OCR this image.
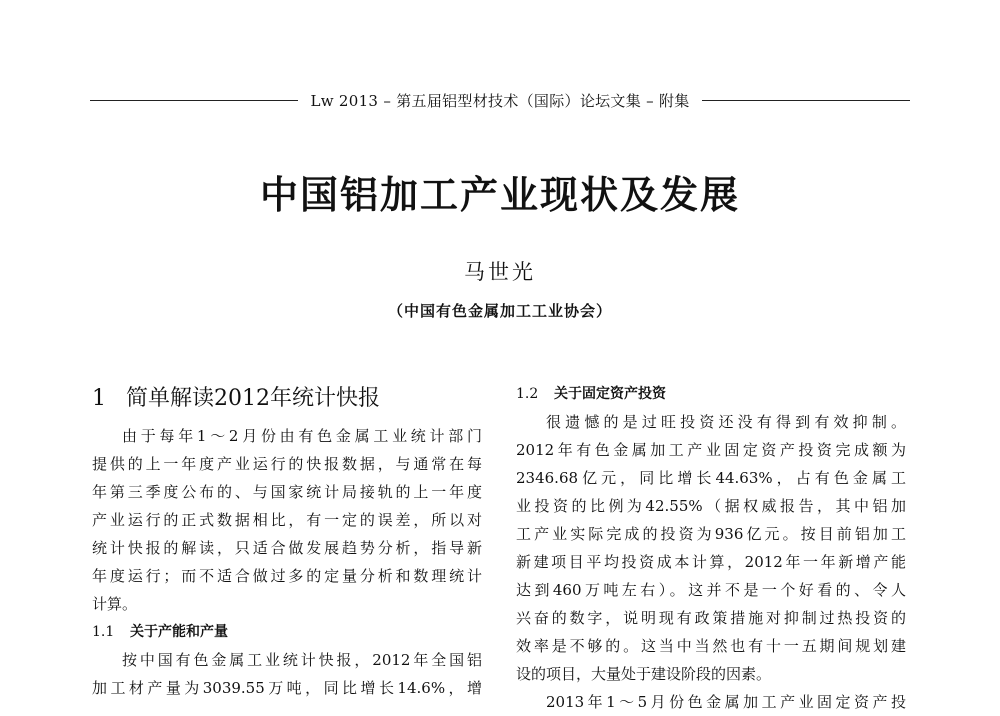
Lw 2013 – 第五届铝型材技术（国际）论坛文集 – 附集
中国铝加工产业现状及发展
马世光
（中国有色金属加工工业协会）
1 简单解读2012年统计快报
由于每年1～2月份由有色金属工业统计部门
提供的上一年度产业运行的快报数据，与通常在每
年第三季度公布的、与国家统计局接轨的上一年度
产业运行的正式数据相比，有一定的误差，所以对
统计快报的解读，只适合做发展趋势分析，指导新
年度运行；而不适合做过多的定量分析和数理统计
计算。
1.1 关于产能和产量
按中国有色金属工业统计快报，2012年全国铝
加工材产量为3039.55万吨，同比增长14.6%，增
1.2 关于固定资产投资
很遗憾的是过旺投资还没有得到有效抑制。
2012年有色金属加工产业固定资产投资完成额为
2346.68亿元，同比增长44.63%，占有色金属工
业投资的比例为42.55%（据权威报告，其中铝加
工产业实际完成的投资为936亿元。按目前铝加工
新建项目平均投资成本计算，2012年一年新增产能
达到460万吨左右）。这并不是一个好看的、令人
兴奋的数字，说明现有政策措施对抑制过热投资的
效率是不够的。这当中当然也有十一五期间规划建
设的项目，大量处于建设阶段的因素。
2013年1～5月份色金属加工产业固定资产投
